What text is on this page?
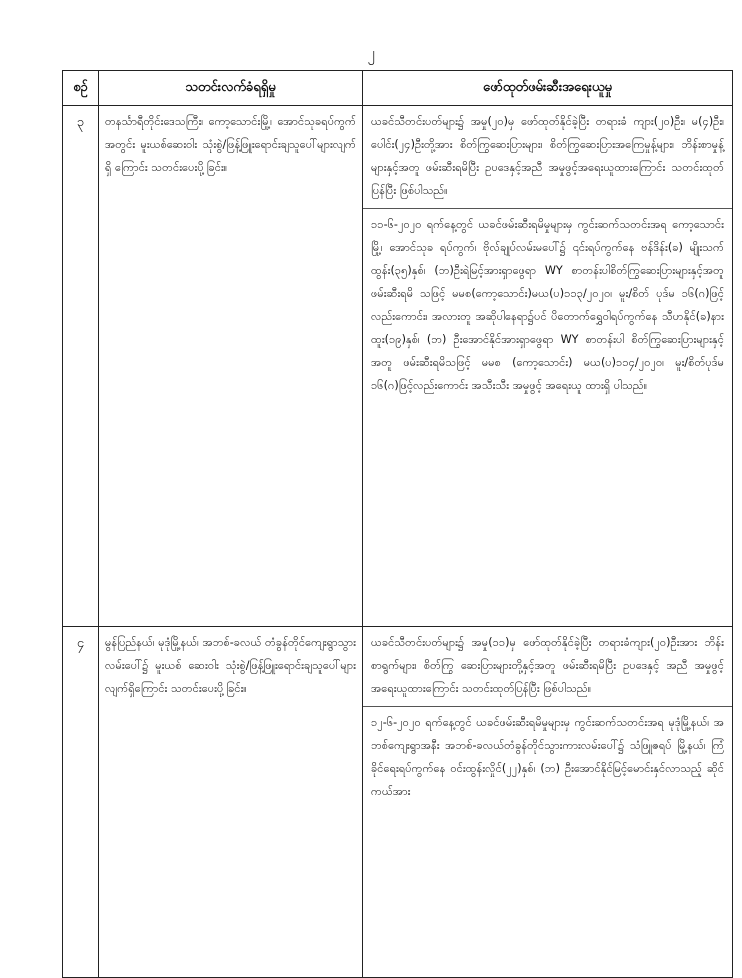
၂
စဉ်	သတင်းလက်ခံရရှိမှု	ဖော်ထုတ်ဖမ်းဆီးအရေးယူမှု
၃	တနင်္သာရီတိုင်းဒေသကြီး၊ ကော့သောင်းမြို့၊ အောင်သုခရပ်ကွက်အတွင်း မူးယစ်ဆေးဝါး သုံးစွဲ/ဖြန့်ဖြူးရောင်းချသူပေါ်များလျက်ရှိ ကြောင်း သတင်းပေးပို့ခြင်း။	ယခင်သီတင်းပတ်များ၌ အမှု(၂၀)မှ ဖော်ထုတ်နိုင်ခဲ့ပြီး တရားခံ ကျား(၂၀)ဦး၊ မ(၄)ဦး၊ ပေါင်း(၂၄)ဦးတို့အား စိတ်ကြွဆေးပြားများ၊ စိတ်ကြွဆေးပြားအကြေမှုန့်များ၊ ဘိန်းစာမှုန့်များနှင့်အတူ ဖမ်းဆီးရမိပြီး ဥပဒေနှင့်အညီ အမှုဖွင့်အရေးယူထားကြောင်း သတင်းထုတ်ပြန်ပြီး ဖြစ်ပါသည်။

၁၁-၆-၂၀၂၀ ရက်နေ့တွင် ယခင်ဖမ်းဆီးရမိမှုများမှ ကွင်းဆက်သတင်းအရ ကော့သောင်းမြို့၊ အောင်သုခ ရပ်ကွက်၊ ဗိုလ်ချုပ်လမ်းမပေါ်၌ ၎င်းရပ်ကွက်နေ ဗန်ဒိန်း(ခ) မျိုးသက်ထွန်း(၃၅)နှစ်၊ (ဘ)ဦးရဲမြင့်အားရှာဖွေရာ WY စာတန်းပါစိတ်ကြွဆေးပြားများနှင့်အတူ ဖမ်းဆီးရမိ သဖြင့် မမစ(ကော့သောင်း)မယ(ပ)၁၁၃/၂၀၂၀၊ မူး/စိတ် ပုဒ်မ ၁၆(ဂ)ဖြင့်လည်းကောင်း၊ အလားတူ အဆိုပါနေရာ၌ပင် ပိတောက်ရွှေဝါရပ်ကွက်နေ သီဟနိုင်(ခ)နားထူး(၁၉)နှစ်၊ (ဘ) ဦးအောင်နိုင်အားရှာဖွေရာ WY စာတန်းပါ စိတ်ကြွဆေးပြားများနှင့်အတူ ဖမ်းဆီးရမိသဖြင့် မမစ (ကော့သောင်း) မယ(ပ)၁၁၄/၂၀၂၀၊ မူး/စိတ်ပုဒ်မ ၁၆(ဂ)ဖြင့်လည်းကောင်း အသီးသီး အမှုဖွင့် အရေးယူ ထားရှိ ပါသည်။

၄	မွန်ပြည်နယ်၊ မုဒုံမြို့နယ်၊ အဘစ်-ခလယ် တံခွန်တိုင်ကျေးရွာသွားလမ်းပေါ်၌ မူးယစ် ဆေးဝါး သုံးစွဲ/ဖြန့်ဖြူးရောင်းချသူပေါ်များ လျက်ရှိကြောင်း သတင်းပေးပို့ခြင်း။	ယခင်သီတင်းပတ်များ၌ အမှု(၁၁)မှ ဖော်ထုတ်နိုင်ခဲ့ပြီး တရားခံကျား(၂၀)ဦးအား ဘိန်းစာရွက်များ၊ စိတ်ကြွ ဆေးပြားများတို့နှင့်အတူ ဖမ်းဆီးရမိပြီး ဥပဒေနှင့် အညီ အမှုဖွင့်အရေးယူထားကြောင်း သတင်းထုတ်ပြန်ပြီး ဖြစ်ပါသည်။

၁၂-၆-၂၀၂၀ ရက်နေ့တွင် ယခင်ဖမ်းဆီးရမိမှုများမှ ကွင်းဆက်သတင်းအရ မုဒုံမြို့နယ်၊ အဘစ်ကျေးရွာအနီး အဘစ်-ခလယ်တံခွန်တိုင်သွားကားလမ်းပေါ်၌ သံဖြူဇရပ် မြို့နယ်၊ ကြံခိုင်ရေးရပ်ကွက်နေ ဝင်းထွန်းလှိုင်(၂၂)နှစ်၊ (ဘ) ဦးအောင်နိုင်မြင့်မောင်းနှင်လာသည့် ဆိုင်ကယ်အား
